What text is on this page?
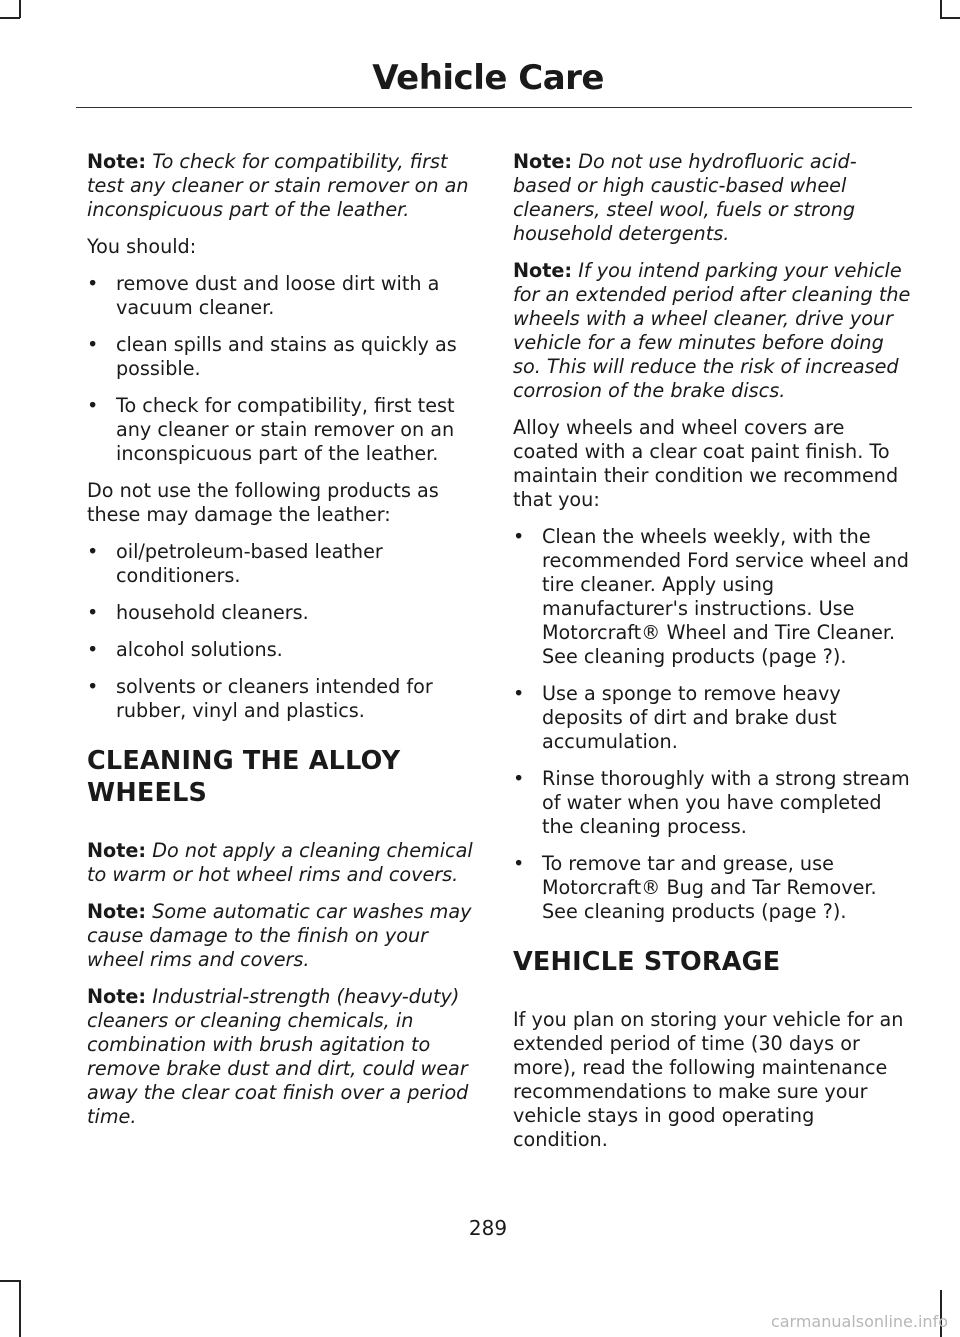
Vehicle Care

Note: To check for compatibility, first test any cleaner or stain remover on an inconspicuous part of the leather.

You should:

• remove dust and loose dirt with a vacuum cleaner.
• clean spills and stains as quickly as possible.
• To check for compatibility, first test any cleaner or stain remover on an inconspicuous part of the leather.

Do not use the following products as these may damage the leather:

• oil/petroleum-based leather conditioners.
• household cleaners.
• alcohol solutions.
• solvents or cleaners intended for rubber, vinyl and plastics.
CLEANING THE ALLOY WHEELS

Note: Do not apply a cleaning chemical to warm or hot wheel rims and covers.

Note: Some automatic car washes may cause damage to the finish on your wheel rims and covers.

Note: Industrial-strength (heavy-duty) cleaners or cleaning chemicals, in combination with brush agitation to remove brake dust and dirt, could wear away the clear coat finish over a period time.

Note: Do not use hydrofluoric acid-based or high caustic-based wheel cleaners, steel wool, fuels or strong household detergents.

Note: If you intend parking your vehicle for an extended period after cleaning the wheels with a wheel cleaner, drive your vehicle for a few minutes before doing so. This will reduce the risk of increased corrosion of the brake discs.

Alloy wheels and wheel covers are coated with a clear coat paint finish. To maintain their condition we recommend that you:

• Clean the wheels weekly, with the recommended Ford service wheel and tire cleaner. Apply using manufacturer's instructions. Use Motorcraft® Wheel and Tire Cleaner. See cleaning products (page ?).
• Use a sponge to remove heavy deposits of dirt and brake dust accumulation.
• Rinse thoroughly with a strong stream of water when you have completed the cleaning process.
• To remove tar and grease, use Motorcraft® Bug and Tar Remover. See cleaning products (page ?).
VEHICLE STORAGE

If you plan on storing your vehicle for an extended period of time (30 days or more), read the following maintenance recommendations to make sure your vehicle stays in good operating condition.

289
carmanualsonline.info
